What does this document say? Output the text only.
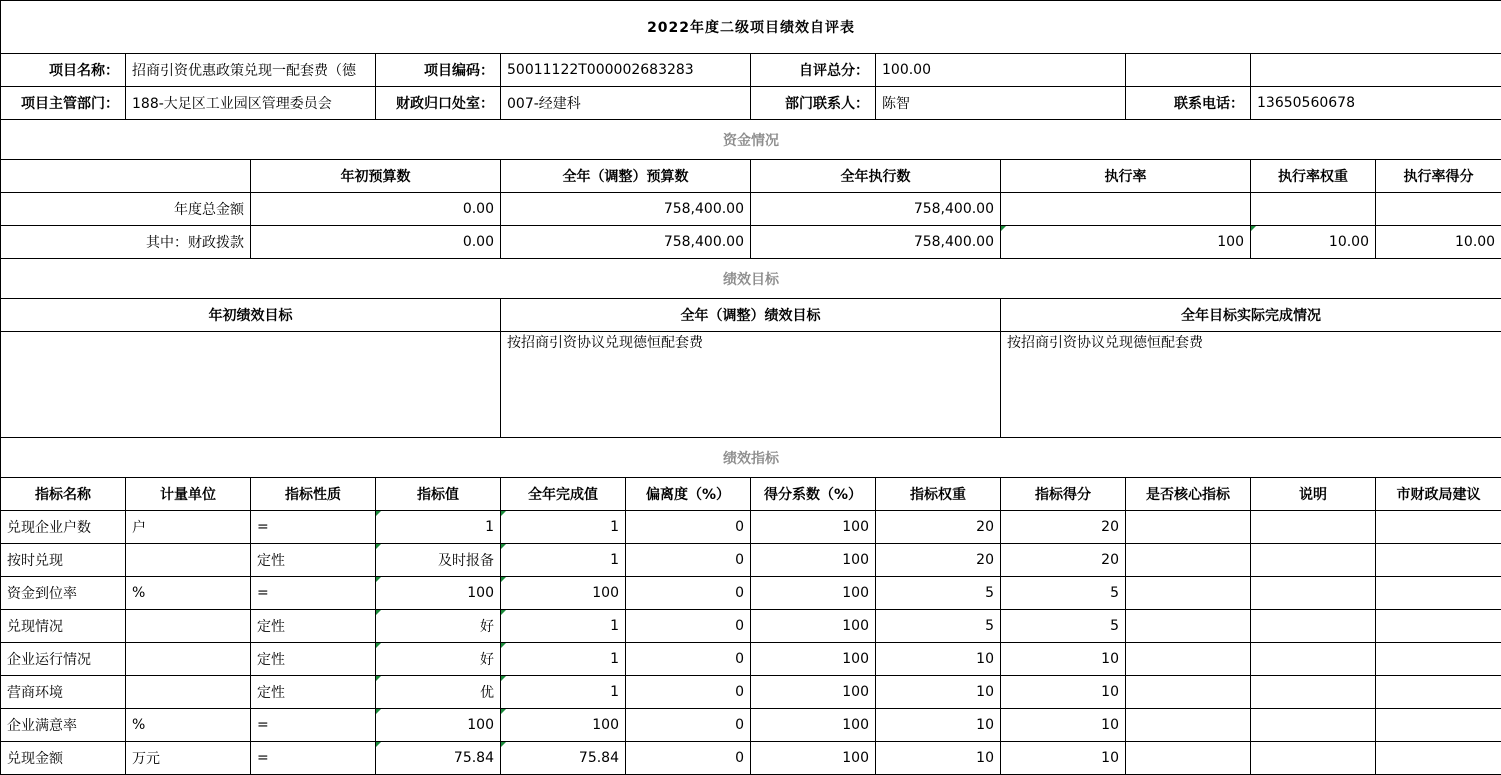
2022年度二级项目绩效自评表											
项目名称：	招商引资优惠政策兑现一配套费（德		项目编码：	50011122T000002683283		自评总分：	100.00				
项目主管部门：	188-大足区工业园区管理委员会		财政归口处室：	007-经建科		部门联系人：	陈智		联系电话：	13650560678	
资金情况											
		年初预算数		全年（调整）预算数		全年执行数		执行率		执行率权重	执行率得分
年度总金额		0.00		758,400.00		758,400.00					
其中：财政拨款		0.00		758,400.00		758,400.00		100		10.00	10.00
绩效目标											
年初绩效目标				全年（调整）绩效目标				全年目标实际完成情况			
				按招商引资协议兑现德恒配套费				按招商引资协议兑现德恒配套费			
绩效指标											
指标名称	计量单位	指标性质	指标值	全年完成值	偏离度（%）	得分系数（%）	指标权重	指标得分	是否核心指标	说明	市财政局建议
兑现企业户数	户	=	1	1	0	100	20	20			
按时兑现		定性	及时报备	1	0	100	20	20			
资金到位率	%	=	100	100	0	100	5	5			
兑现情况		定性	好	1	0	100	5	5			
企业运行情况		定性	好	1	0	100	10	10			
营商环境		定性	优	1	0	100	10	10			
企业满意率	%	=	100	100	0	100	10	10			
兑现金额	万元	=	75.84	75.84	0	100	10	10			
